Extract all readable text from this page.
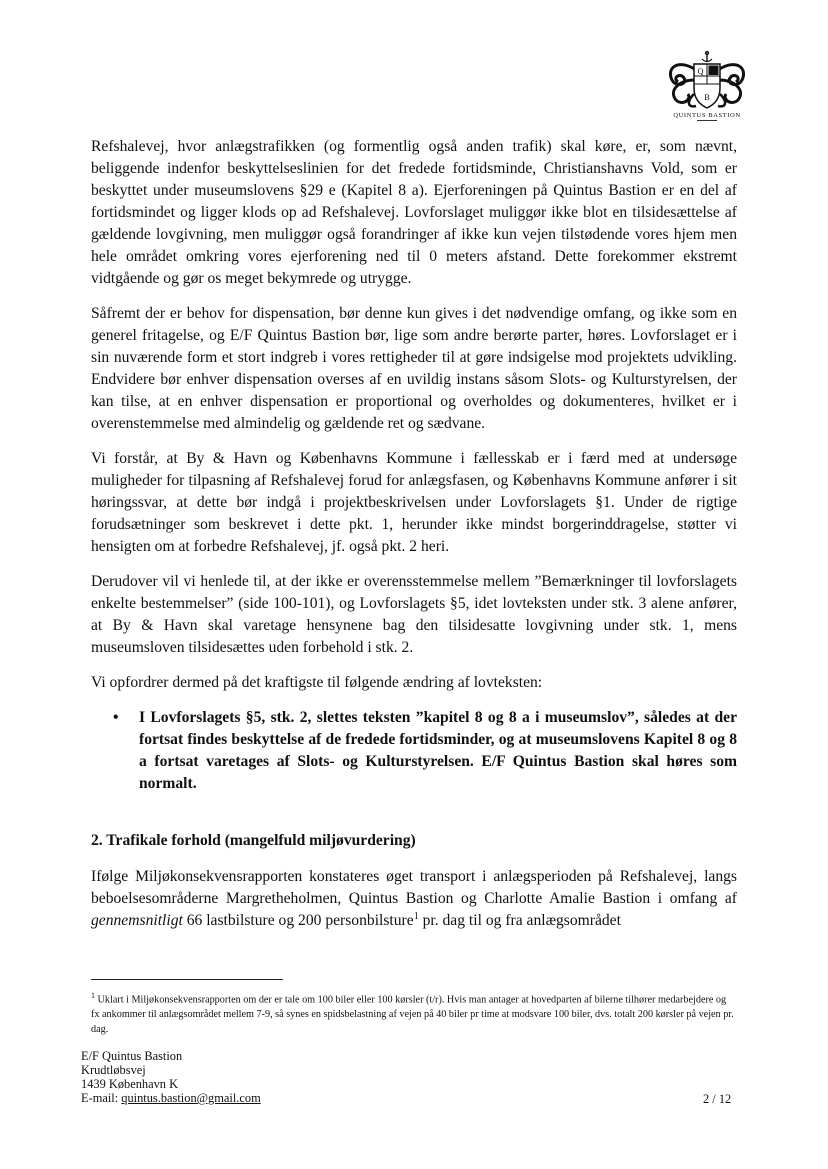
Q
B
QUINTUS BASTION

Refshalevej, hvor anlægstrafikken (og formentlig også anden trafik) skal køre, er, som nævnt, beliggende indenfor beskyttelseslinien for det fredede fortidsminde, Christianshavns Vold, som er beskyttet under museumslovens §29 e (Kapitel 8 a). Ejerforeningen på Quintus Bastion er en del af fortidsmindet og ligger klods op ad Refshalevej. Lovforslaget muliggør ikke blot en tilsidesættelse af gældende lovgivning, men muliggør også forandringer af ikke kun vejen tilstødende vores hjem men hele området omkring vores ejerforening ned til 0 meters afstand. Dette forekommer ekstremt vidtgående og gør os meget bekymrede og utrygge.

Såfremt der er behov for dispensation, bør denne kun gives i det nødvendige omfang, og ikke som en generel fritagelse, og E/F Quintus Bastion bør, lige som andre berørte parter, høres. Lovforslaget er i sin nuværende form et stort indgreb i vores rettigheder til at gøre indsigelse mod projektets udvikling. Endvidere bør enhver dispensation overses af en uvildig instans såsom Slots- og Kulturstyrelsen, der kan tilse, at en enhver dispensation er proportional og overholdes og dokumenteres, hvilket er i overenstemmelse med almindelig og gældende ret og sædvane.

Vi forstår, at By & Havn og Københavns Kommune i fællesskab er i færd med at undersøge muligheder for tilpasning af Refshalevej forud for anlægsfasen, og Københavns Kommune anfører i sit høringssvar, at dette bør indgå i projektbeskrivelsen under Lovforslagets §1. Under de rigtige forudsætninger som beskrevet i dette pkt. 1, herunder ikke mindst borgerinddragelse, støtter vi hensigten om at forbedre Refshalevej, jf. også pkt. 2 heri.

Derudover vil vi henlede til, at der ikke er overensstemmelse mellem ”Bemærkninger til lovforslagets enkelte bestemmelser” (side 100-101), og Lovforslagets §5, idet lovteksten under stk. 3 alene anfører, at By & Havn skal varetage hensynene bag den tilsidesatte lovgivning under stk. 1, mens museumsloven tilsidesættes uden forbehold i stk. 2.

Vi opfordrer dermed på det kraftigste til følgende ændring af lovteksten:

• I Lovforslagets §5, stk. 2, slettes teksten ”kapitel 8 og 8 a i museumslov”, således at der fortsat findes beskyttelse af de fredede fortidsminder, og at museumslovens Kapitel 8 og 8 a fortsat varetages af Slots- og Kulturstyrelsen. E/F Quintus Bastion skal høres som normalt.
2. Trafikale forhold (mangelfuld miljøvurdering)
Ifølge Miljøkonsekvensrapporten konstateres øget transport i anlægsperioden på Refshalevej, langs beboelsesområderne Margretheholmen, Quintus Bastion og Charlotte Amalie Bastion i omfang af gennemsnitligt 66 lastbilsture og 200 personbilsture$^1$ pr. dag til og fra anlægsområdet
$^1$ Uklart i Miljøkonsekvensrapporten om der er tale om 100 biler eller 100 kørsler (t/r). Hvis man antager at hovedparten af bilerne tilhører medarbejdere og fx ankommer til anlægsområdet mellem 7-9, så synes en spidsbelastning af vejen på 40 biler pr time at modsvare 100 biler, dvs. totalt 200 kørsler på vejen pr. dag.
E/F Quintus Bastion
Krudtløbsvej
1439 København K
E-mail: quintus.bastion@gmail.com	2 / 12
